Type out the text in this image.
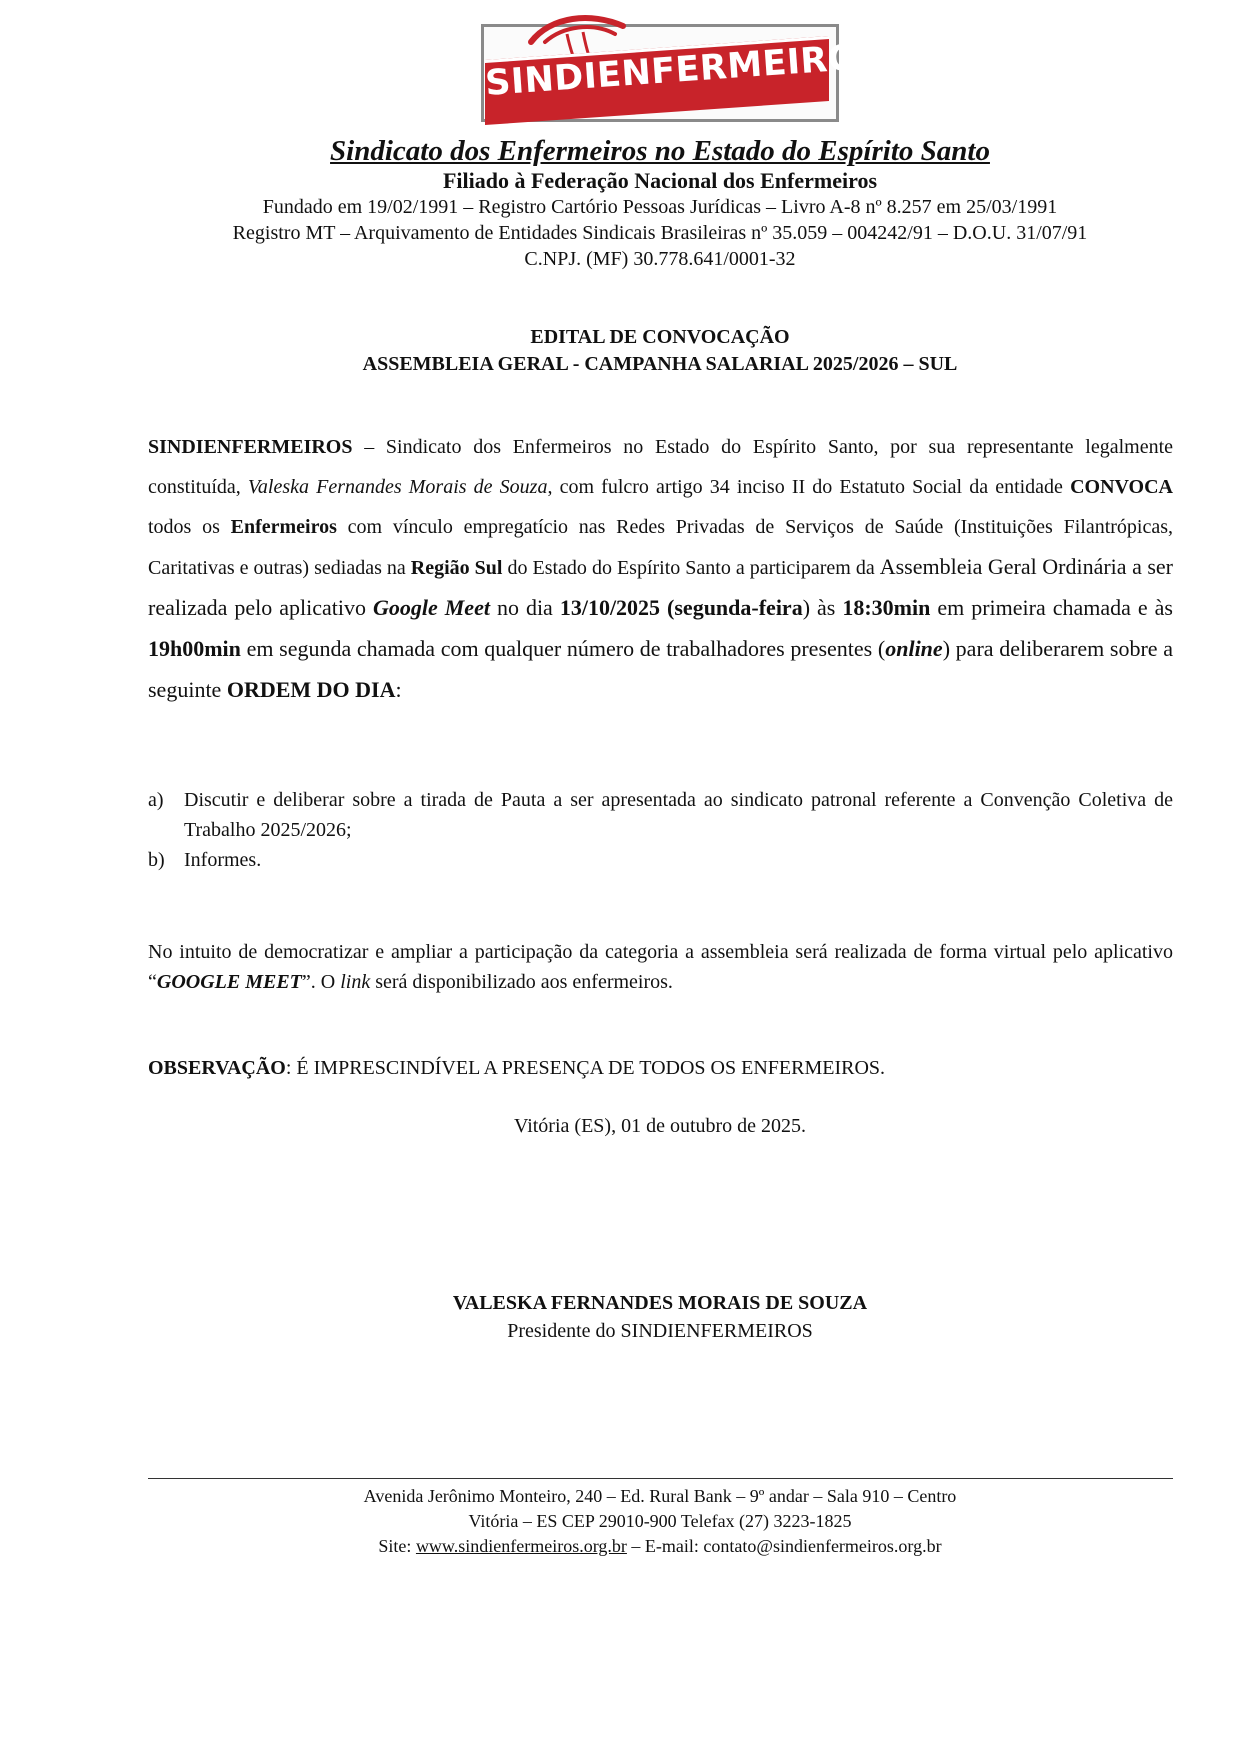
SINDIENFERMEIROS

Sindicato dos Enfermeiros no Estado do Espírito Santo

Filiado à Federação Nacional dos Enfermeiros

Fundado em 19/02/1991 – Registro Cartório Pessoas Jurídicas – Livro A-8 nº 8.257 em 25/03/1991

Registro MT – Arquivamento de Entidades Sindicais Brasileiras nº 35.059 – 004242/91 – D.O.U. 31/07/91

C.NPJ. (MF) 30.778.641/0001-32

EDITAL DE CONVOCAÇÃO

ASSEMBLEIA GERAL - CAMPANHA SALARIAL 2025/2026 – SUL

SINDIENFERMEIROS – Sindicato dos Enfermeiros no Estado do Espírito Santo, por sua representante legalmente constituída, Valeska Fernandes Morais de Souza, com fulcro artigo 34 inciso II do Estatuto Social da entidade CONVOCA todos os Enfermeiros com vínculo empregatício nas Redes Privadas de Serviços de Saúde (Instituições Filantrópicas, Caritativas e outras) sediadas na Região Sul do Estado do Espírito Santo a participarem da Assembleia Geral Ordinária a ser realizada pelo aplicativo Google Meet no dia 13/10/2025 (segunda-feira) às 18:30min em primeira chamada e às 19h00min em segunda chamada com qualquer número de trabalhadores presentes (online) para deliberarem sobre a seguinte ORDEM DO DIA:

a) Discutir e deliberar sobre a tirada de Pauta a ser apresentada ao sindicato patronal referente a Convenção Coletiva de Trabalho 2025/2026;
b) Informes.

No intuito de democratizar e ampliar a participação da categoria a assembleia será realizada de forma virtual pelo aplicativo “GOOGLE MEET”. O link será disponibilizado aos enfermeiros.

OBSERVAÇÃO: É IMPRESCINDÍVEL A PRESENÇA DE TODOS OS ENFERMEIROS.

Vitória (ES), 01 de outubro de 2025.

VALESKA FERNANDES MORAIS DE SOUZA

Presidente do SINDIENFERMEIROS

Avenida Jerônimo Monteiro, 240 – Ed. Rural Bank – 9º andar – Sala 910 – Centro

Vitória – ES CEP 29010-900 Telefax (27) 3223-1825

Site: www.sindienfermeiros.org.br – E-mail: contato@sindienfermeiros.org.br
